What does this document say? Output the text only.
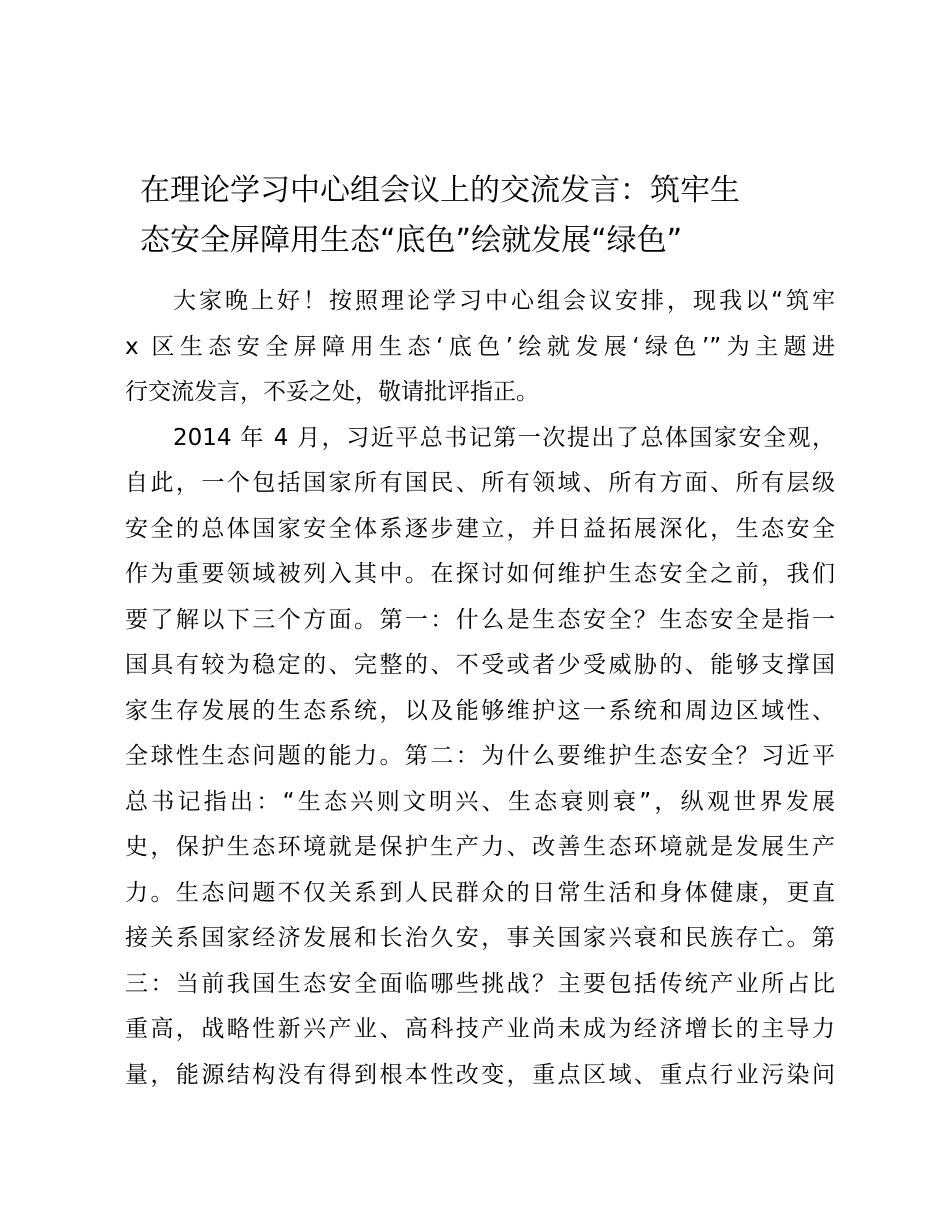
在理论学习中心组会议上的交流发言：筑牢生
态安全屏障用生态“底色”绘就发展“绿色”
大家晚上好！按照理论学习中心组会议安排，现我以“筑牢
x 区生态安全屏障用生态‘底色’绘就发展‘绿色’”为主题进
行交流发言，不妥之处，敬请批评指正。
2014 年 4 月，习近平总书记第一次提出了总体国家安全观，
自此，一个包括国家所有国民、所有领域、所有方面、所有层级
安全的总体国家安全体系逐步建立，并日益拓展深化，生态安全
作为重要领域被列入其中。在探讨如何维护生态安全之前，我们
要了解以下三个方面。第一：什么是生态安全？生态安全是指一
国具有较为稳定的、完整的、不受或者少受威胁的、能够支撑国
家生存发展的生态系统，以及能够维护这一系统和周边区域性、
全球性生态问题的能力。第二：为什么要维护生态安全？习近平
总书记指出：“生态兴则文明兴、生态衰则衰”，纵观世界发展
史，保护生态环境就是保护生产力、改善生态环境就是发展生产
力。生态问题不仅关系到人民群众的日常生活和身体健康，更直
接关系国家经济发展和长治久安，事关国家兴衰和民族存亡。第
三：当前我国生态安全面临哪些挑战？主要包括传统产业所占比
重高，战略性新兴产业、高科技产业尚未成为经济增长的主导力
量，能源结构没有得到根本性改变，重点区域、重点行业污染问
